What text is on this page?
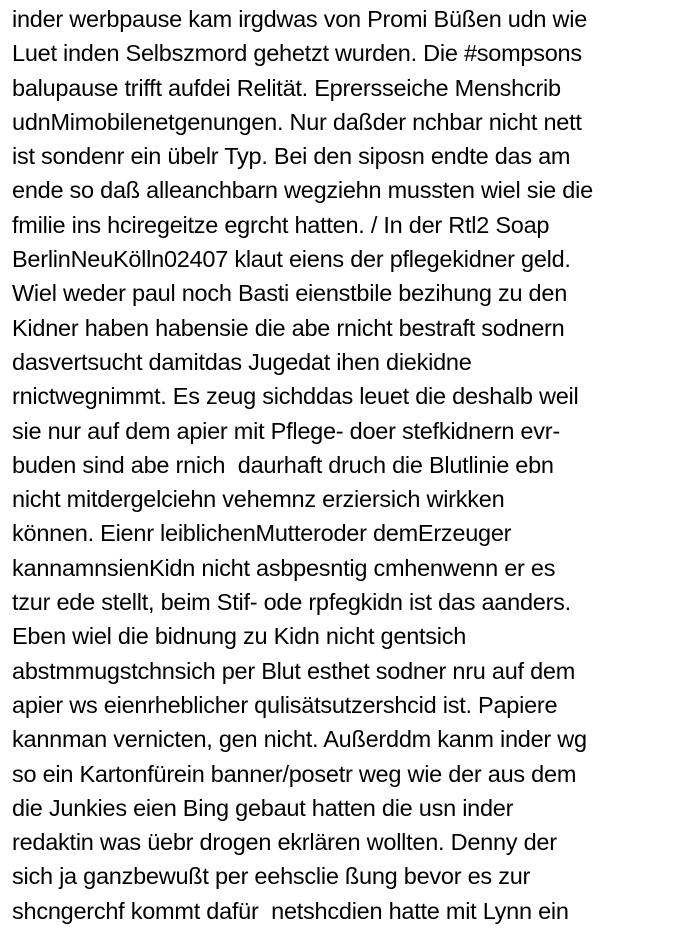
inder werbpause kam irgdwas von Promi Büßen udn wie
Luet inden Selbszmord gehetzt wurden. Die #sompsons
balupause trifft aufdei Relität. Eprersseiche Menshcrib
udnMimobilenetgenungen. Nur daßder nchbar nicht nett
ist sondenr ein übelr Typ. Bei den siposn endte das am
ende so daß alleanchbarn wegziehn mussten wiel sie die
fmilie ins hciregeitze egrcht hatten. / In der Rtl2 Soap
BerlinNeuKölln02407 klaut eiens der pflegekidner geld.
Wiel weder paul noch Basti eienstbile bezihung zu den
Kidner haben habensie die abe rnicht bestraft sodnern
dasvertsucht damitdas Jugedat ihen diekidne
rnictwegnimmt. Es zeug sichddas leuet die deshalb weil
sie nur auf dem apier mit Pflege- doer stefkidnern evr-
buden sind abe rnich  daurhaft druch die Blutlinie ebn
nicht mitdergelciehn vehemnz erziersich wirkken
können. Eienr leiblichenMutteroder demErzeuger
kannamnsienKidn nicht asbpesntig cmhenwenn er es
tzur ede stellt, beim Stif- ode rpfegkidn ist das aanders.
Eben wiel die bidnung zu Kidn nicht gentsich
abstmmugstchnsich per Blut esthet sodner nru auf dem
apier ws eienrheblicher qulisätsutzershcid ist. Papiere
kannman vernicten, gen nicht. Außerddm kanm inder wg
so ein Kartonfürein banner/posetr weg wie der aus dem
die Junkies eien Bing gebaut hatten die usn inder
redaktin was üebr drogen ekrlären wollten. Denny der
sich ja ganzbewußt per eehsclie ßung bevor es zur
shcngerchf kommt dafür  netshcdien hatte mit Lynn ein
